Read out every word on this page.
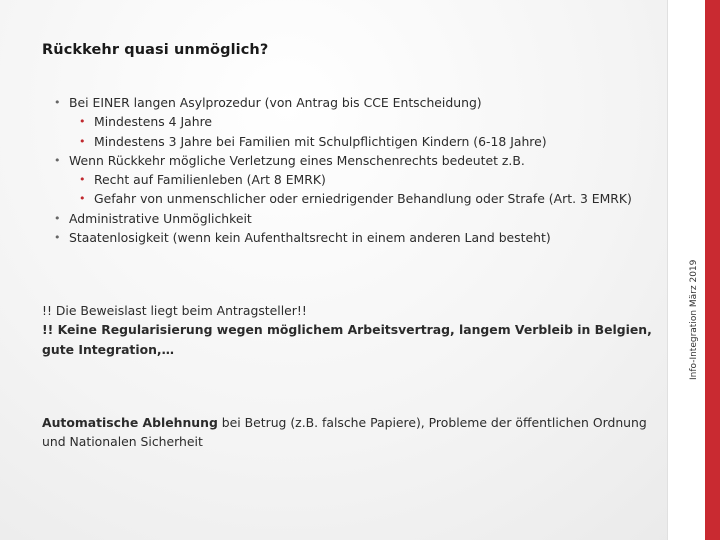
Rückkehr quasi unmöglich?
• Bei EINER langen Asylprozedur (von Antrag bis CCE Entscheidung)
• Mindestens 4 Jahre
• Mindestens 3 Jahre bei Familien mit Schulpflichtigen Kindern (6-18 Jahre)
• Wenn Rückkehr mögliche Verletzung eines Menschenrechts bedeutet z.B.
• Recht auf Familienleben (Art 8 EMRK)
• Gefahr von unmenschlicher oder erniedrigender Behandlung oder Strafe (Art. 3 EMRK)
• Administrative Unmöglichkeit
• Staatenlosigkeit (wenn kein Aufenthaltsrecht in einem anderen Land besteht)
!! Die Beweislast liegt beim Antragsteller!!
!! Keine Regularisierung wegen möglichem Arbeitsvertrag, langem Verbleib in Belgien, gute Integration,…
Automatische Ablehnung bei Betrug (z.B. falsche Papiere), Probleme der öffentlichen Ordnung und Nationalen Sicherheit
Info-Integration März 2019
